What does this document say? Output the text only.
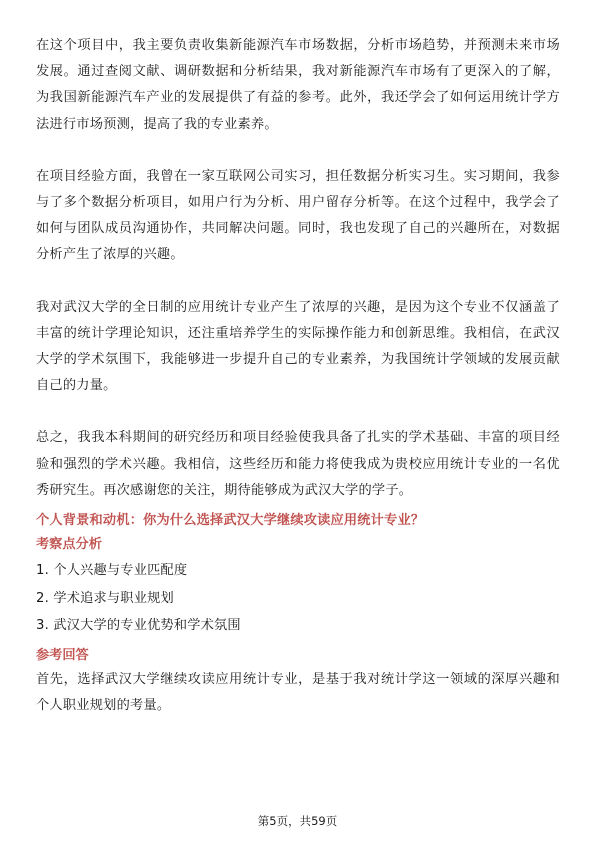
在这个项目中，我主要负责收集新能源汽车市场数据，分析市场趋势，并预测未来市场发展。通过查阅文献、调研数据和分析结果，我对新能源汽车市场有了更深入的了解，为我国新能源汽车产业的发展提供了有益的参考。此外，我还学会了如何运用统计学方法进行市场预测，提高了我的专业素养。

在项目经验方面，我曾在一家互联网公司实习，担任数据分析实习生。实习期间，我参与了多个数据分析项目，如用户行为分析、用户留存分析等。在这个过程中，我学会了如何与团队成员沟通协作，共同解决问题。同时，我也发现了自己的兴趣所在，对数据分析产生了浓厚的兴趣。

我对武汉大学的全日制的应用统计专业产生了浓厚的兴趣，是因为这个专业不仅涵盖了丰富的统计学理论知识，还注重培养学生的实际操作能力和创新思维。我相信，在武汉大学的学术氛围下，我能够进一步提升自己的专业素养，为我国统计学领域的发展贡献自己的力量。

总之，我我本科期间的研究经历和项目经验使我具备了扎实的学术基础、丰富的项目经验和强烈的学术兴趣。我相信，这些经历和能力将使我成为贵校应用统计专业的一名优秀研究生。再次感谢您的关注，期待能够成为武汉大学的学子。

个人背景和动机：你为什么选择武汉大学继续攻读应用统计专业？
考察点分析
1. 个人兴趣与专业匹配度
2. 学术追求与职业规划
3. 武汉大学的专业优势和学术氛围
参考回答

首先，选择武汉大学继续攻读应用统计专业，是基于我对统计学这一领域的深厚兴趣和个人职业规划的考量。

第5页，共59页
